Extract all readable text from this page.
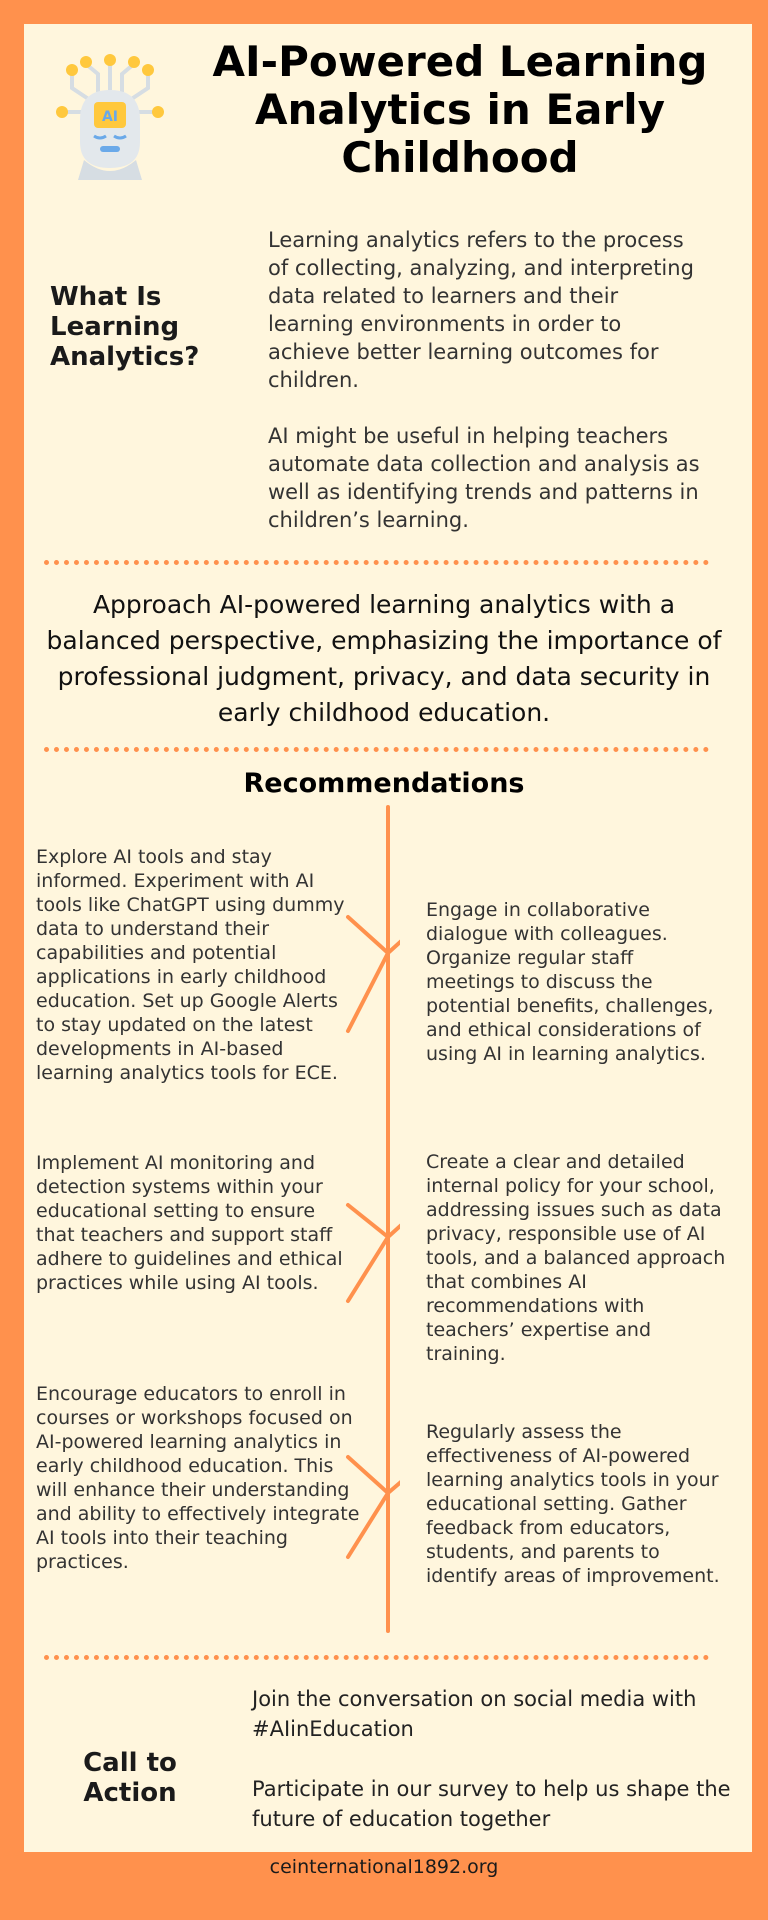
AI
AI-Powered Learning Analytics in Early Childhood
What Is Learning Analytics?

Learning analytics refers to the process of collecting, analyzing, and interpreting data related to learners and their learning environments in order to achieve better learning outcomes for children.

AI might be useful in helping teachers automate data collection and analysis as well as identifying trends and patterns in children’s learning.

Approach AI-powered learning analytics with a balanced perspective, emphasizing the importance of professional judgment, privacy, and data security in early childhood education.
Recommendations
Explore AI tools and stay informed. Experiment with AI tools like ChatGPT using dummy data to understand their capabilities and potential applications in early childhood education. Set up Google Alerts to stay updated on the latest developments in AI-based learning analytics tools for ECE.
Engage in collaborative dialogue with colleagues. Organize regular staff meetings to discuss the potential benefits, challenges, and ethical considerations of using AI in learning analytics.
Implement AI monitoring and detection systems within your educational setting to ensure that teachers and support staff adhere to guidelines and ethical practices while using AI tools.
Create a clear and detailed internal policy for your school, addressing issues such as data privacy, responsible use of AI tools, and a balanced approach that combines AI recommendations with teachers’ expertise and training.
Encourage educators to enroll in courses or workshops focused on AI-powered learning analytics in early childhood education. This will enhance their understanding and ability to effectively integrate AI tools into their teaching practices.
Regularly assess the effectiveness of AI-powered learning analytics tools in your educational setting. Gather feedback from educators, students, and parents to identify areas of improvement.
Call to Action

Join the conversation on social media with #AIinEducation

Participate in our survey to help us shape the future of education together

ceinternational1892.org
